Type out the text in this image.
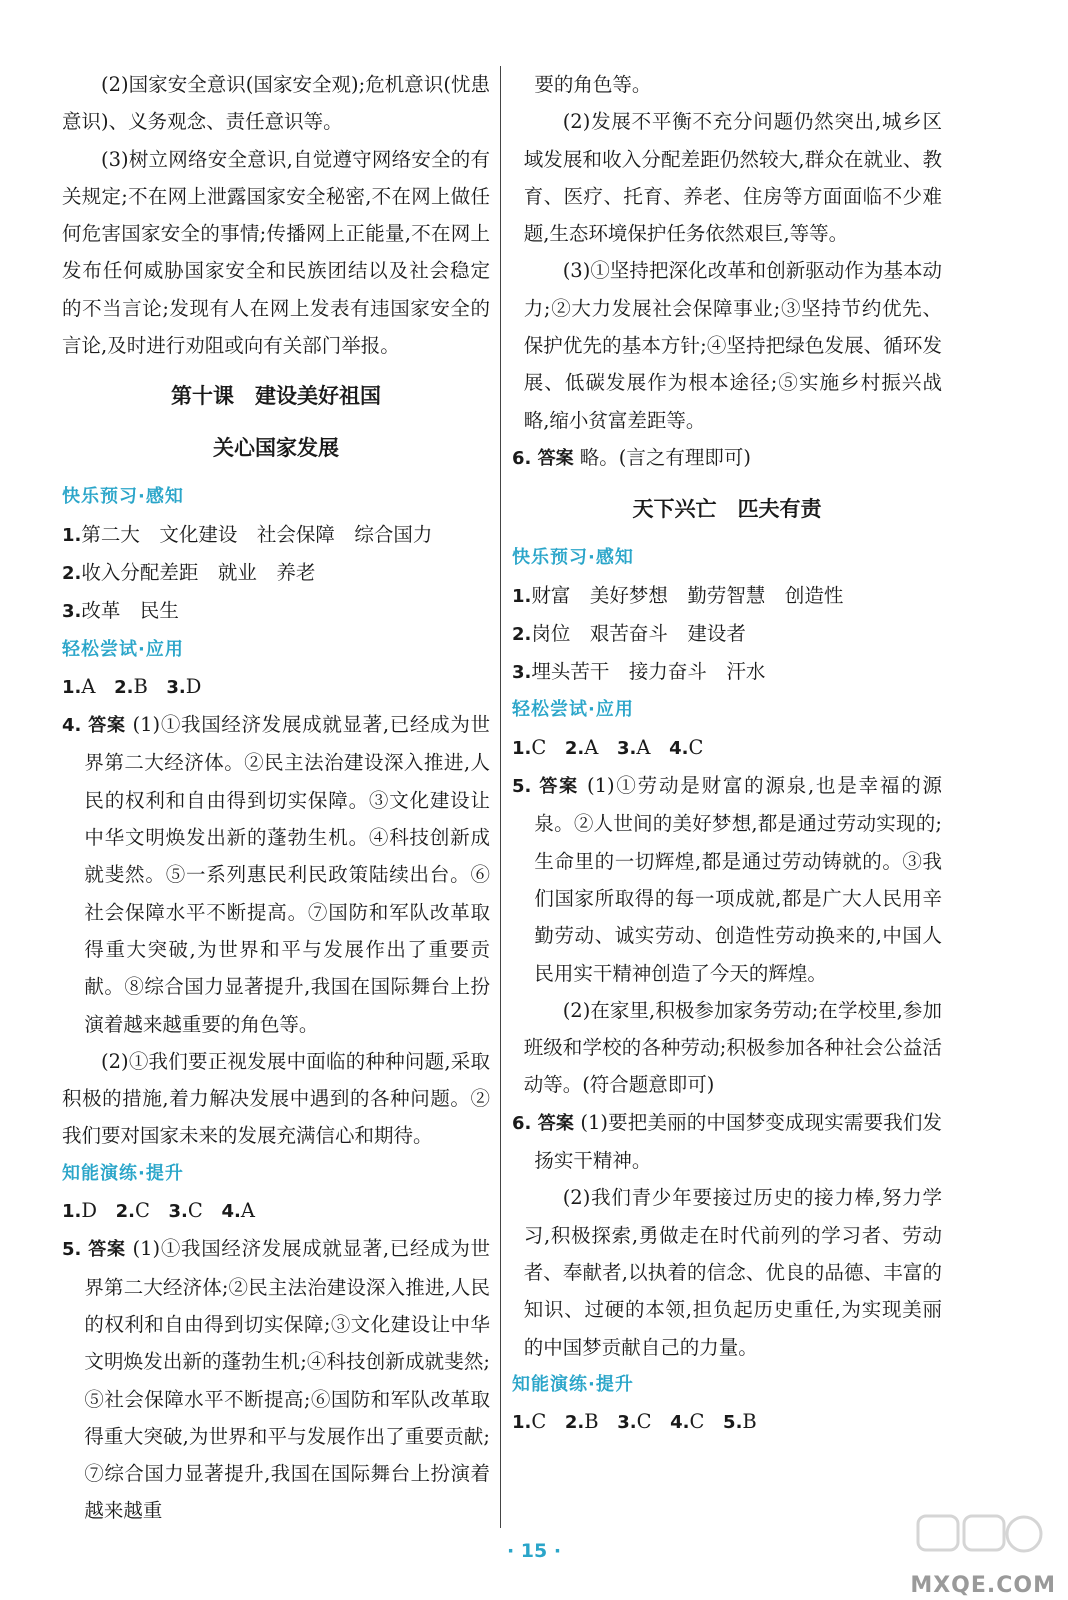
(2)国家安全意识(国家安全观);危机意识(忧患意识)、义务观念、责任意识等。

(3)树立网络安全意识,自觉遵守网络安全的有关规定;不在网上泄露国家安全秘密,不在网上做任何危害国家安全的事情;传播网上正能量,不在网上发布任何威胁国家安全和民族团结以及社会稳定的不当言论;发现有人在网上发表有违国家安全的言论,及时进行劝阻或向有关部门举报。

第十课　建设美好祖国
关心国家发展
快乐预习·感知
1.第二大　文化建设　社会保障　综合国力
2.收入分配差距　就业　养老
3.改革　民生
轻松尝试·应用
1.A 2.B 3.D

4. 答案 (1)①我国经济发展成就显著,已经成为世界第二大经济体。②民主法治建设深入推进,人民的权利和自由得到切实保障。③文化建设让中华文明焕发出新的蓬勃生机。④科技创新成就斐然。⑤一系列惠民利民政策陆续出台。⑥社会保障水平不断提高。⑦国防和军队改革取得重大突破,为世界和平与发展作出了重要贡献。⑧综合国力显著提升,我国在国际舞台上扮演着越来越重要的角色等。

(2)①我们要正视发展中面临的种种问题,采取积极的措施,着力解决发展中遇到的各种问题。②我们要对国家未来的发展充满信心和期待。

知能演练·提升
1.D 2.C 3.C 4.A

5. 答案 (1)①我国经济发展成就显著,已经成为世界第二大经济体;②民主法治建设深入推进,人民的权利和自由得到切实保障;③文化建设让中华文明焕发出新的蓬勃生机;④科技创新成就斐然;⑤社会保障水平不断提高;⑥国防和军队改革取得重大突破,为世界和平与发展作出了重要贡献;⑦综合国力显著提升,我国在国际舞台上扮演着越来越重

要的角色等。

(2)发展不平衡不充分问题仍然突出,城乡区域发展和收入分配差距仍然较大,群众在就业、教育、医疗、托育、养老、住房等方面面临不少难题,生态环境保护任务依然艰巨,等等。

(3)①坚持把深化改革和创新驱动作为基本动力;②大力发展社会保障事业;③坚持节约优先、保护优先的基本方针;④坚持把绿色发展、循环发展、低碳发展作为根本途径;⑤实施乡村振兴战略,缩小贫富差距等。

6. 答案 略。(言之有理即可)
天下兴亡　匹夫有责
快乐预习·感知
1.财富　美好梦想　勤劳智慧　创造性
2.岗位　艰苦奋斗　建设者
3.埋头苦干　接力奋斗　汗水
轻松尝试·应用
1.C 2.A 3.A 4.C

5. 答案 (1)①劳动是财富的源泉,也是幸福的源泉。②人世间的美好梦想,都是通过劳动实现的;生命里的一切辉煌,都是通过劳动铸就的。③我们国家所取得的每一项成就,都是广大人民用辛勤劳动、诚实劳动、创造性劳动换来的,中国人民用实干精神创造了今天的辉煌。

(2)在家里,积极参加家务劳动;在学校里,参加班级和学校的各种劳动;积极参加各种社会公益活动等。(符合题意即可)

6. 答案 (1)要把美丽的中国梦变成现实需要我们发扬实干精神。

(2)我们青少年要接过历史的接力棒,努力学习,积极探索,勇做走在时代前列的学习者、劳动者、奉献者,以执着的信念、优良的品德、丰富的知识、过硬的本领,担负起历史重任,为实现美丽的中国梦贡献自己的力量。

知能演练·提升
1.C 2.B 3.C 4.C 5.B
· 15 ·
MXQE.COM
